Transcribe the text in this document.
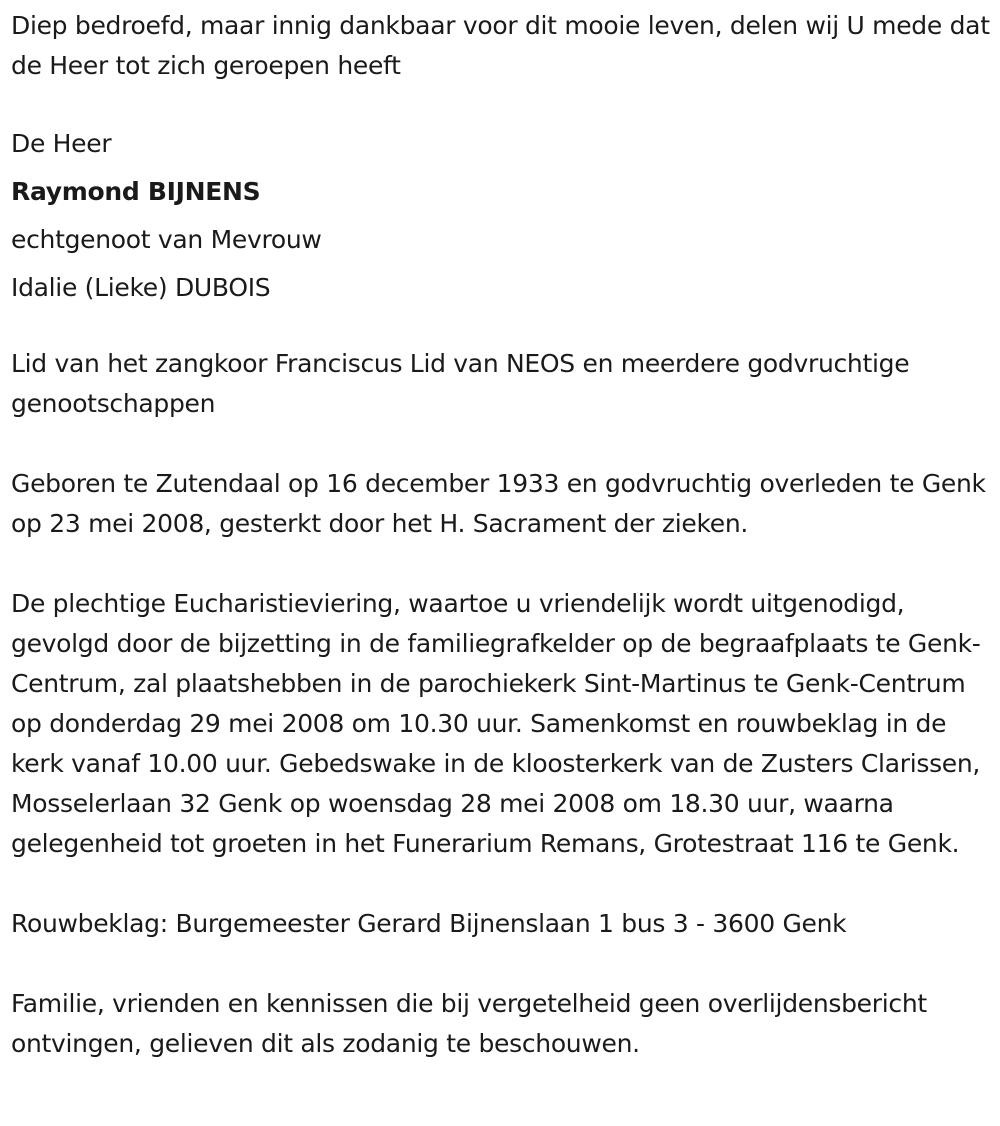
Diep bedroefd, maar innig dankbaar voor dit mooie leven, delen wij U mede dat de Heer tot zich geroepen heeft

De Heer
Raymond BIJNENS
echtgenoot van Mevrouw
Idalie (Lieke) DUBOIS

Lid van het zangkoor Franciscus Lid van NEOS en meerdere godvruchtige genootschappen

Geboren te Zutendaal op 16 december 1933 en godvruchtig overleden te Genk op 23 mei 2008, gesterkt door het H. Sacrament der zieken.

De plechtige Eucharistieviering, waartoe u vriendelijk wordt uitgenodigd, gevolgd door de bijzetting in de familiegrafkelder op de begraafplaats te Genk-Centrum, zal plaatshebben in de parochiekerk Sint-Martinus te Genk-Centrum op donderdag 29 mei 2008 om 10.30 uur. Samenkomst en rouwbeklag in de kerk vanaf 10.00 uur. Gebedswake in de kloosterkerk van de Zusters Clarissen, Mosselerlaan 32 Genk op woensdag 28 mei 2008 om 18.30 uur, waarna gelegenheid tot groeten in het Funerarium Remans, Grotestraat 116 te Genk.

Rouwbeklag: Burgemeester Gerard Bijnenslaan 1 bus 3 - 3600 Genk

Familie, vrienden en kennissen die bij vergetelheid geen overlijdensbericht ontvingen, gelieven dit als zodanig te beschouwen.
